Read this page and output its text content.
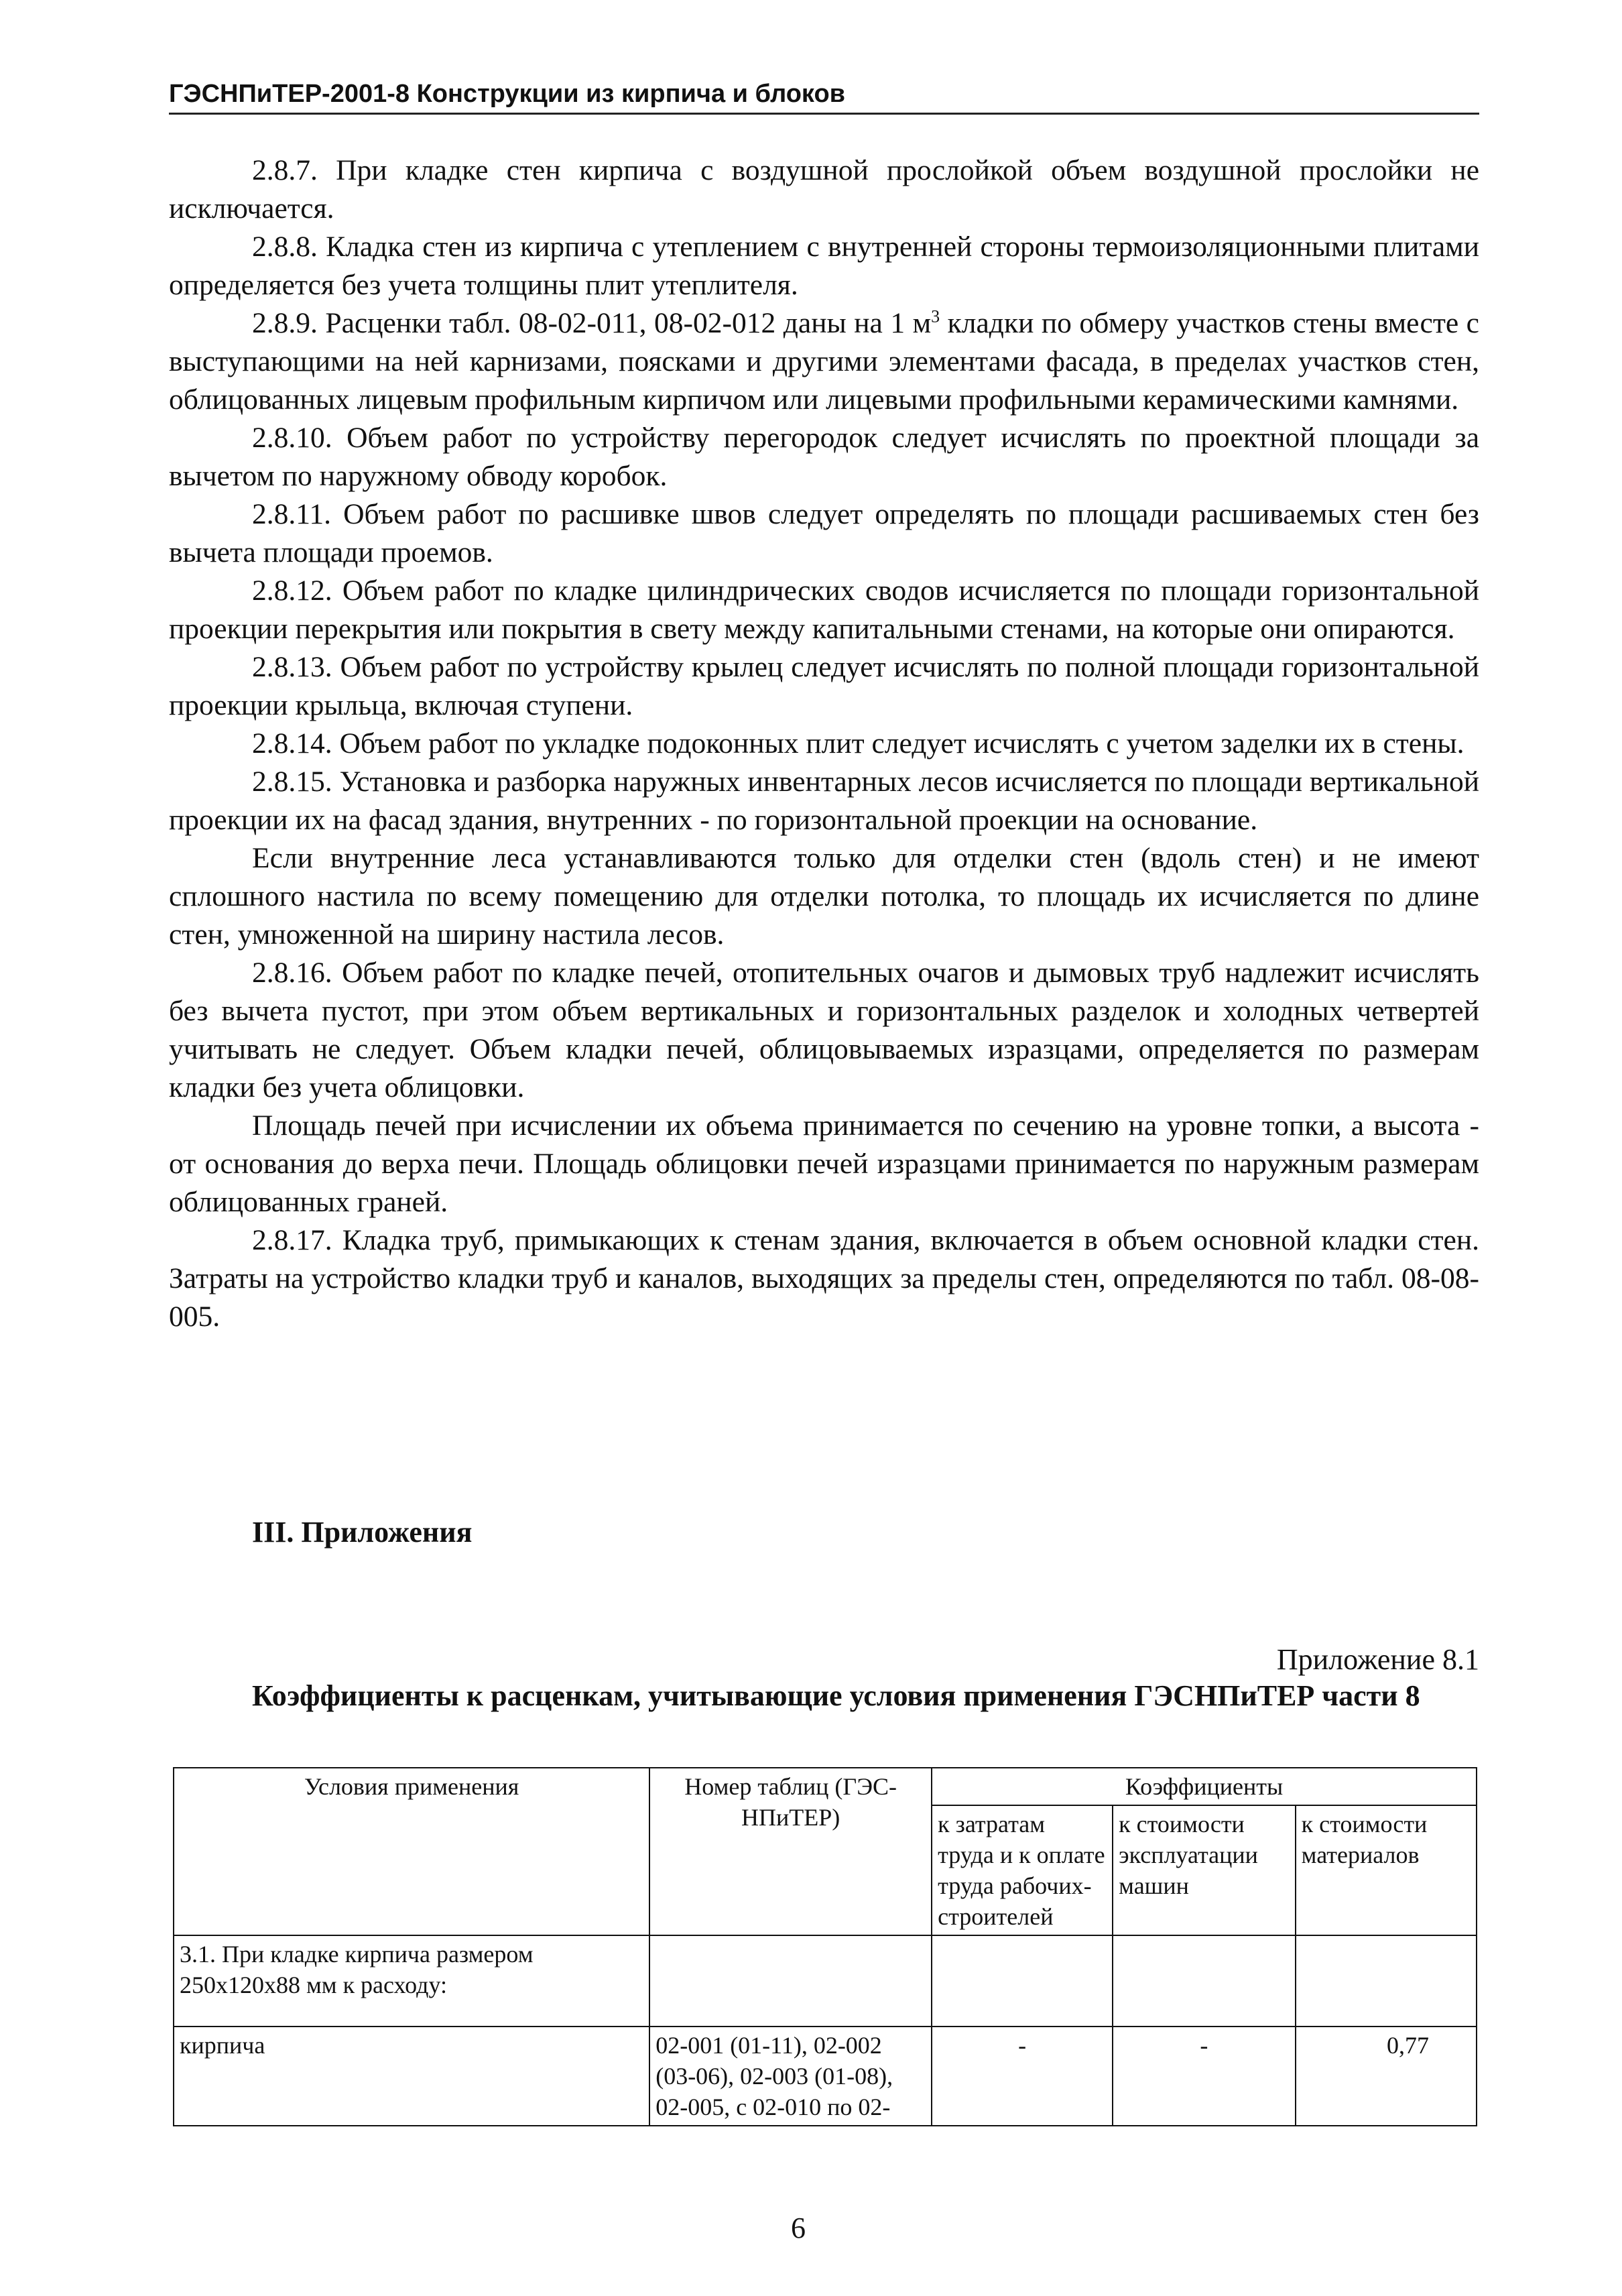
ГЭСНПиТЕР-2001-8 Конструкции из кирпича и блоков

2.8.7. При кладке стен кирпича с воздушной прослойкой объем воздушной прослойки не исключается.

2.8.8. Кладка стен из кирпича с утеплением с внутренней стороны термоизоляционными плитами определяется без учета толщины плит утеплителя.

2.8.9. Расценки табл. 08-02-011, 08-02-012 даны на 1 $м^3$ кладки по обмеру участков стены вместе с выступающими на ней карнизами, поясками и другими элементами фасада, в пределах участков стен, облицованных лицевым профильным кирпичом или лицевыми профильными керамическими камнями.

2.8.10. Объем работ по устройству перегородок следует исчислять по проектной площади за вычетом по наружному обводу коробок.

2.8.11. Объем работ по расшивке швов следует определять по площади расшиваемых стен без вычета площади проемов.

2.8.12. Объем работ по кладке цилиндрических сводов исчисляется по площади горизонтальной проекции перекрытия или покрытия в свету между капитальными стенами, на которые они опираются.

2.8.13. Объем работ по устройству крылец следует исчислять по полной площади горизонтальной проекции крыльца, включая ступени.

2.8.14. Объем работ по укладке подоконных плит следует исчислять с учетом заделки их в стены.

2.8.15. Установка и разборка наружных инвентарных лесов исчисляется по площади вертикальной проекции их на фасад здания, внутренних - по горизонтальной проекции на основание.

Если внутренние леса устанавливаются только для отделки стен (вдоль стен) и не имеют сплошного настила по всему помещению для отделки потолка, то площадь их исчисляется по длине стен, умноженной на ширину настила лесов.

2.8.16. Объем работ по кладке печей, отопительных очагов и дымовых труб надлежит исчислять без вычета пустот, при этом объем вертикальных и горизонтальных разделок и холодных четвертей учитывать не следует. Объем кладки печей, облицовываемых изразцами, определяется по размерам кладки без учета облицовки.

Площадь печей при исчислении их объема принимается по сечению на уровне топки, а высота - от основания до верха печи. Площадь облицовки печей изразцами принимается по наружным размерам облицованных граней.

2.8.17. Кладка труб, примыкающих к стенам здания, включается в объем основной кладки стен. Затраты на устройство кладки труб и каналов, выходящих за пределы стен, определяются по табл. 08-08-005.

III. Приложения
Приложение 8.1
Коэффициенты к расценкам, учитывающие условия применения ГЭСНПиТЕР части 8
Условия применения	Номер таблиц (ГЭС-НПиТЕР)	Коэффициенты		
		к затратам труда и к оплате труда рабочих-строителей	к стоимости эксплуатации машин	к стоимости материалов
3.1. При кладке кирпича размером 250x120x88 мм к расходу:				
кирпича	02-001 (01-11), 02-002 (03-06), 02-003 (01-08), 02-005, с 02-010 по 02-	-	-	0,77
6
